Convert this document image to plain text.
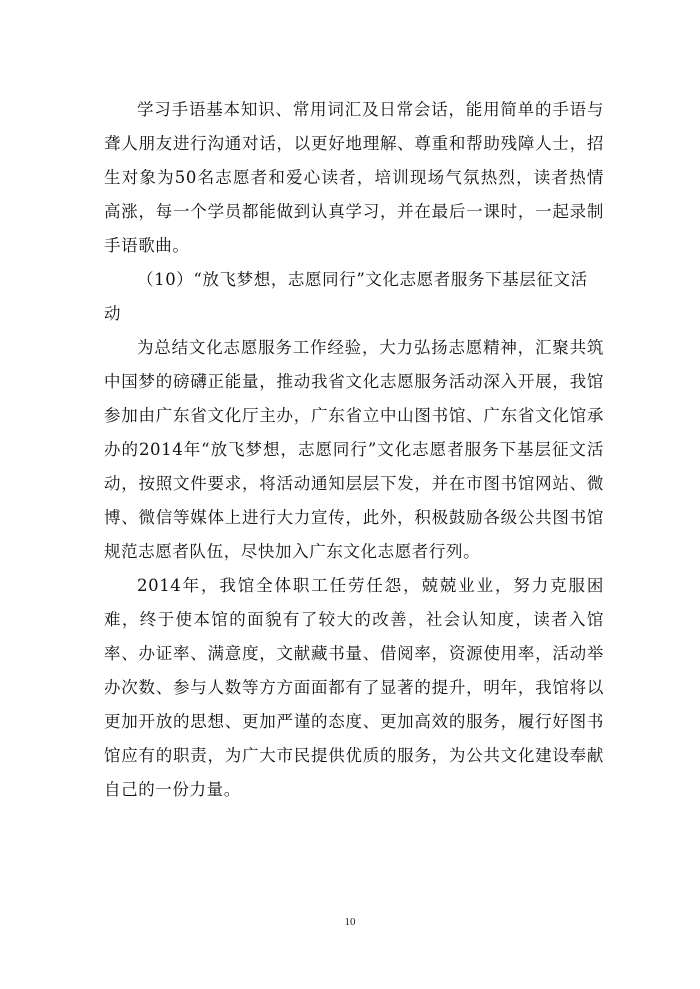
学习手语基本知识、常用词汇及日常会话，能用简单的手语与聋人朋友进行沟通对话，以更好地理解、尊重和帮助残障人士，招生对象为50名志愿者和爱心读者，培训现场气氛热烈，读者热情高涨，每一个学员都能做到认真学习，并在最后一课时，一起录制手语歌曲。

（10）“放飞梦想，志愿同行”文化志愿者服务下基层征文活动

为总结文化志愿服务工作经验，大力弘扬志愿精神，汇聚共筑中国梦的磅礴正能量，推动我省文化志愿服务活动深入开展，我馆参加由广东省文化厅主办，广东省立中山图书馆、广东省文化馆承办的2014年“放飞梦想，志愿同行”文化志愿者服务下基层征文活动，按照文件要求，将活动通知层层下发，并在市图书馆网站、微博、微信等媒体上进行大力宣传，此外，积极鼓励各级公共图书馆规范志愿者队伍，尽快加入广东文化志愿者行列。

2014年，我馆全体职工任劳任怨，兢兢业业，努力克服困难，终于使本馆的面貌有了较大的改善，社会认知度，读者入馆率、办证率、满意度，文献藏书量、借阅率，资源使用率，活动举办次数、参与人数等方方面面都有了显著的提升，明年，我馆将以更加开放的思想、更加严谨的态度、更加高效的服务，履行好图书馆应有的职责，为广大市民提供优质的服务，为公共文化建设奉献自己的一份力量。

10
